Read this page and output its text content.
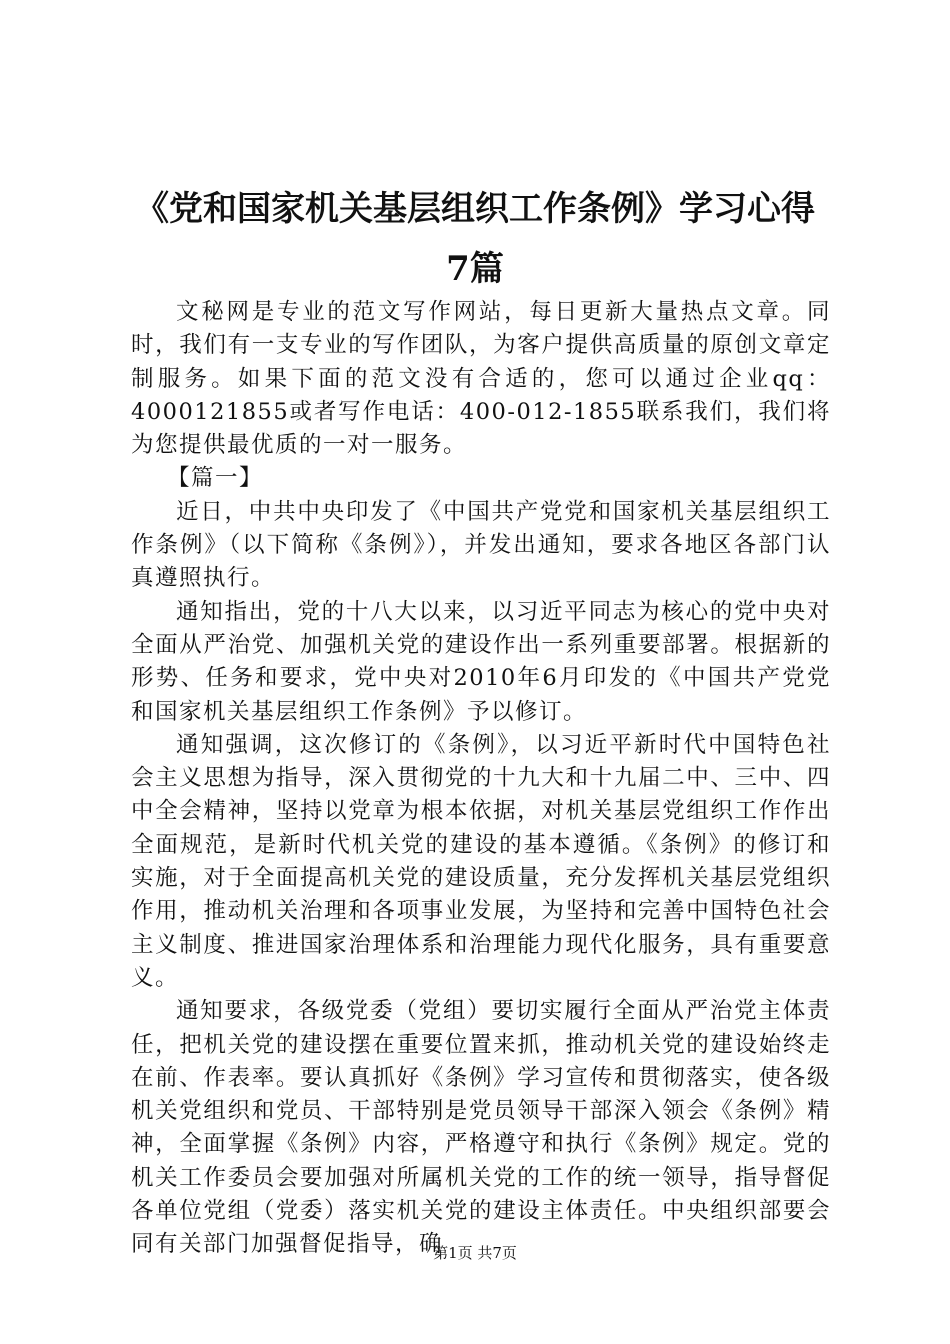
《党和国家机关基层组织工作条例》学习心得
7篇

文秘网是专业的范文写作网站，每日更新大量热点文章。同时，我们有一支专业的写作团队，为客户提供高质量的原创文章定制服务。如果下面的范文没有合适的，您可以通过企业qq：4000121855或者写作电话：400-012-1855联系我们，我们将为您提供最优质的一对一服务。

【篇一】

近日，中共中央印发了《中国共产党党和国家机关基层组织工作条例》（以下简称《条例》），并发出通知，要求各地区各部门认真遵照执行。

通知指出，党的十八大以来，以习近平同志为核心的党中央对全面从严治党、加强机关党的建设作出一系列重要部署。根据新的形势、任务和要求，党中央对2010年6月印发的《中国共产党党和国家机关基层组织工作条例》予以修订。

通知强调，这次修订的《条例》，以习近平新时代中国特色社会主义思想为指导，深入贯彻党的十九大和十九届二中、三中、四中全会精神，坚持以党章为根本依据，对机关基层党组织工作作出全面规范，是新时代机关党的建设的基本遵循。《条例》的修订和实施，对于全面提高机关党的建设质量，充分发挥机关基层党组织作用，推动机关治理和各项事业发展，为坚持和完善中国特色社会主义制度、推进国家治理体系和治理能力现代化服务，具有重要意义。

通知要求，各级党委（党组）要切实履行全面从严治党主体责任，把机关党的建设摆在重要位置来抓，推动机关党的建设始终走在前、作表率。要认真抓好《条例》学习宣传和贯彻落实，使各级机关党组织和党员、干部特别是党员领导干部深入领会《条例》精神，全面掌握《条例》内容，严格遵守和执行《条例》规定。党的机关工作委员会要加强对所属机关党的工作的统一领导，指导督促各单位党组（党委）落实机关党的建设主体责任。中央组织部要会同有关部门加强督促指导，确

第1页 共7页
